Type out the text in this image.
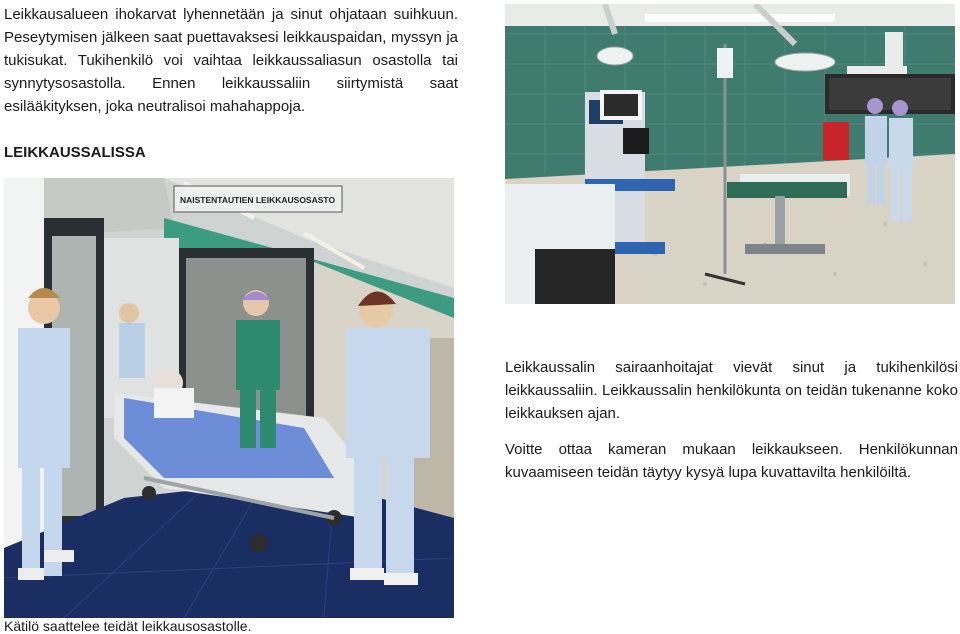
Leikkausalueen ihokarvat lyhennetään ja sinut ohjataan suihkuun. Peseytymisen jälkeen saat puettavaksesi leikkauspaidan, myssyn ja tukisukat. Tukihenkilö voi vaihtaa leikkaussaliasun osastolla tai synnytysosastolla. Ennen leikkaussaliin siirtymistä saat esilääkityksen, joka neutralisoi mahahappoja.

LEIKKAUSSALISSA
NAISTENTAUTIEN LEIKKAUSOSASTO

Leikkaussalin sairaanhoitajat vievät sinut ja tukihenkilösi leikkaussaliin. Leikkaussalin henkilökunta on teidän tukenanne koko leikkauksen ajan.

Voitte ottaa kameran mukaan leikkaukseen. Henkilökunnan kuvaamiseen teidän täytyy kysyä lupa kuvattavilta henkilöiltä.

Kätilö saattelee teidät leikkausosastolle.
